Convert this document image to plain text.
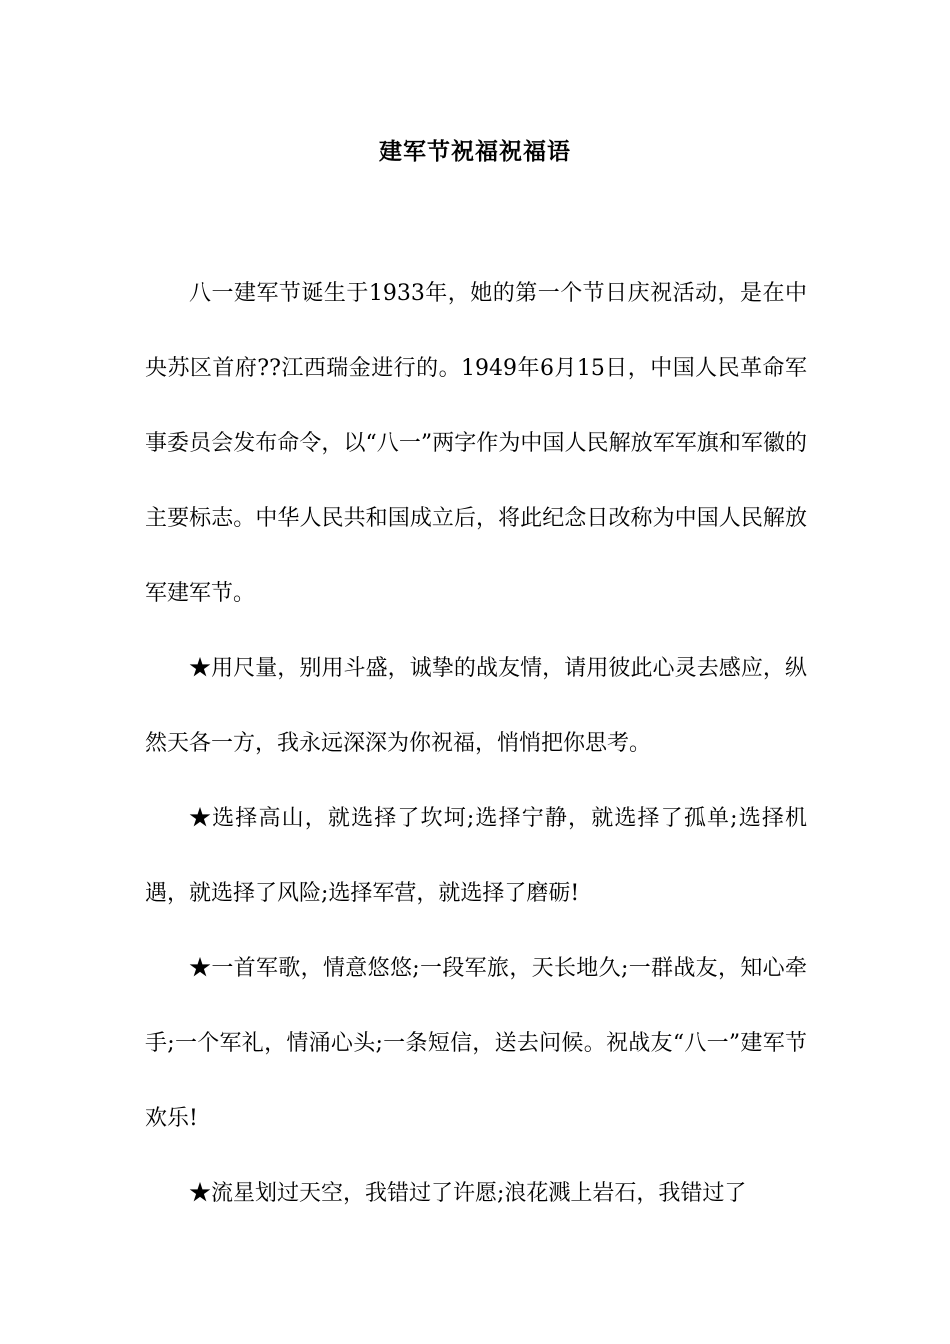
建军节祝福祝福语

八一建军节诞生于1933年，她的第一个节日庆祝活动，是在中央苏区首府??江西瑞金进行的。1949年6月15日，中国人民革命军事委员会发布命令，以“八一”两字作为中国人民解放军军旗和军徽的主要标志。中华人民共和国成立后，将此纪念日改称为中国人民解放军建军节。

★用尺量，别用斗盛，诚挚的战友情，请用彼此心灵去感应，纵然天各一方，我永远深深为你祝福，悄悄把你思考。

★选择高山，就选择了坎坷;选择宁静，就选择了孤单;选择机遇，就选择了风险;选择军营，就选择了磨砺!

★一首军歌，情意悠悠;一段军旅，天长地久;一群战友，知心牵手;一个军礼，情涌心头;一条短信，送去问候。祝战友“八一”建军节欢乐!

★流星划过天空，我错过了许愿;浪花溅上岩石，我错过了
